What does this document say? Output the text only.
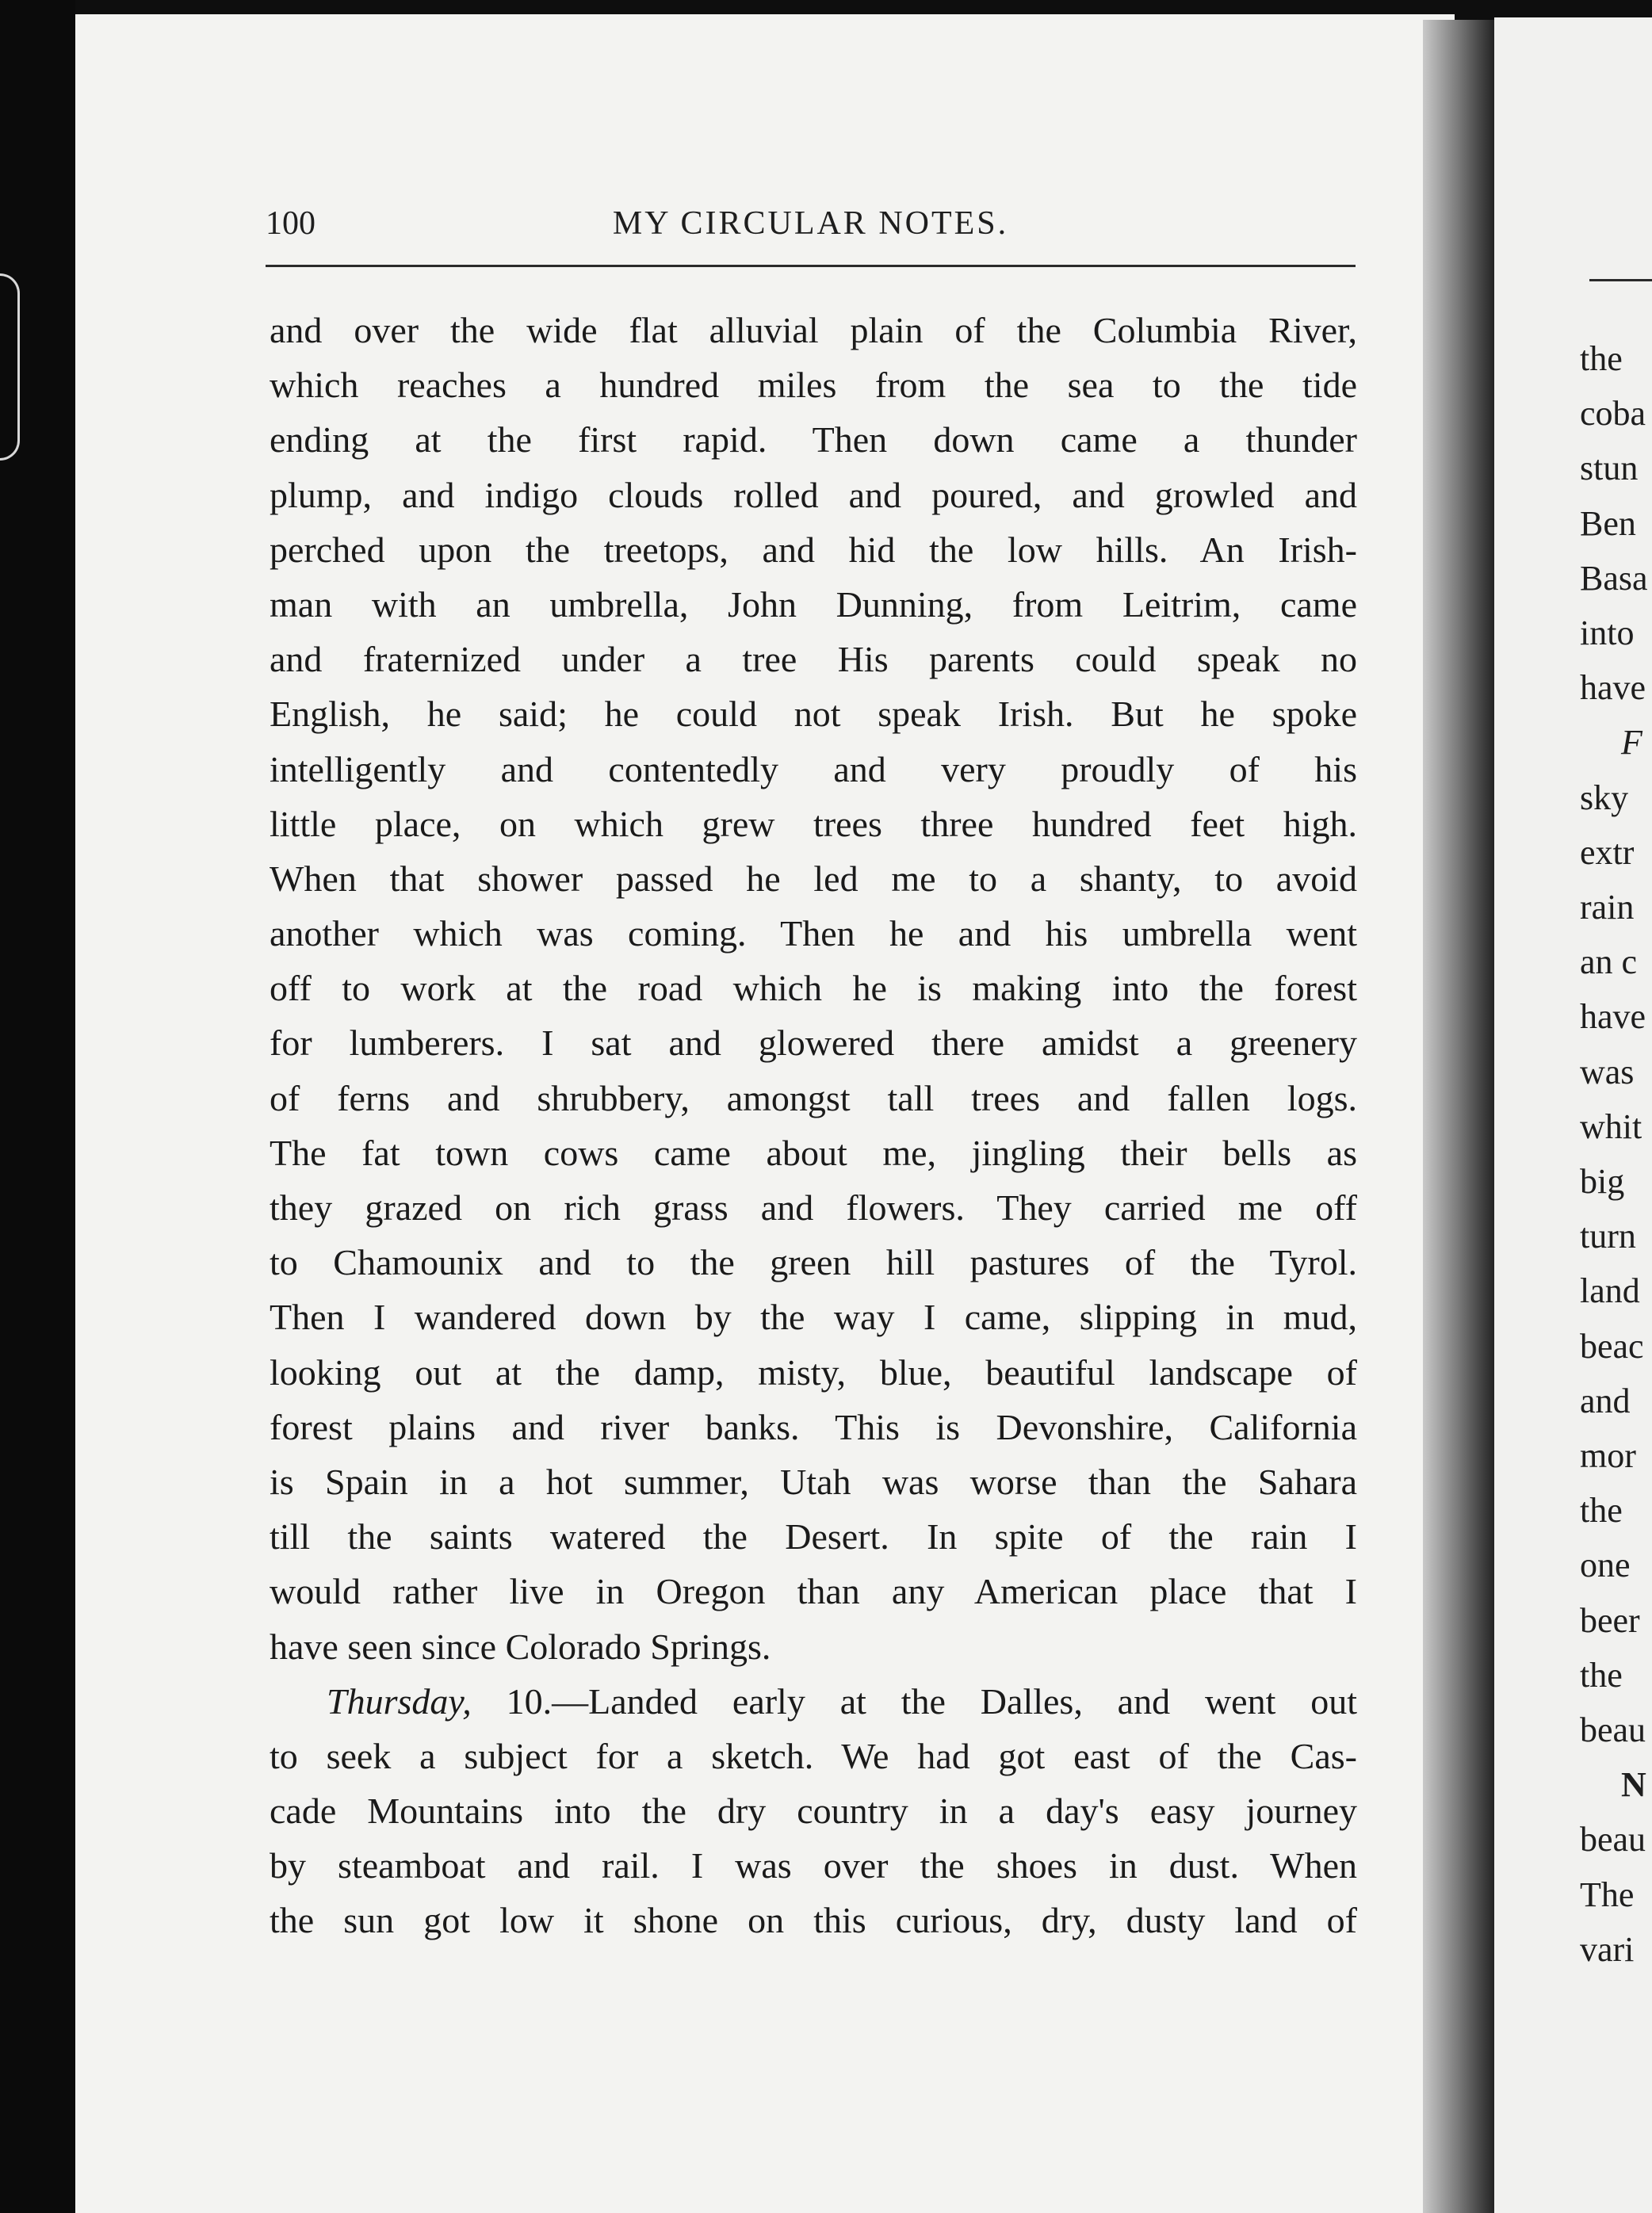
100	MY CIRCULAR NOTES.
and over the wide flat alluvial plain of the Columbia River,
which reaches a hundred miles from the sea to the tide
ending at the first rapid. Then down came a thunder
plump, and indigo clouds rolled and poured, and growled and
perched upon the treetops, and hid the low hills. An Irish-
man with an umbrella, John Dunning, from Leitrim, came
and fraternized under a tree His parents could speak no
English, he said; he could not speak Irish. But he spoke
intelligently and contentedly and very proudly of his
little place, on which grew trees three hundred feet high.
When that shower passed he led me to a shanty, to avoid
another which was coming. Then he and his umbrella went
off to work at the road which he is making into the forest
for lumberers. I sat and glowered there amidst a greenery
of ferns and shrubbery, amongst tall trees and fallen logs.
The fat town cows came about me, jingling their bells as
they grazed on rich grass and flowers. They carried me off
to Chamounix and to the green hill pastures of the Tyrol.
Then I wandered down by the way I came, slipping in mud,
looking out at the damp, misty, blue, beautiful landscape of
forest plains and river banks. This is Devonshire, California
is Spain in a hot summer, Utah was worse than the Sahara
till the saints watered the Desert. In spite of the rain I
would rather live in Oregon than any American place that I
have seen since Colorado Springs.
Thursday, 10.—Landed early at the Dalles, and went out
to seek a subject for a sketch. We had got east of the Cas-
cade Mountains into the dry country in a day's easy journey
by steamboat and rail. I was over the shoes in dust. When
the sun got low it shone on this curious, dry, dusty land of
the
coba
stun
Ben
Basa
into
have
F
sky
extr
rain
an c
have
was
whit
big
turn
land
beac
and
mor
the
one
beer
the
beau
N
beau
The
vari
